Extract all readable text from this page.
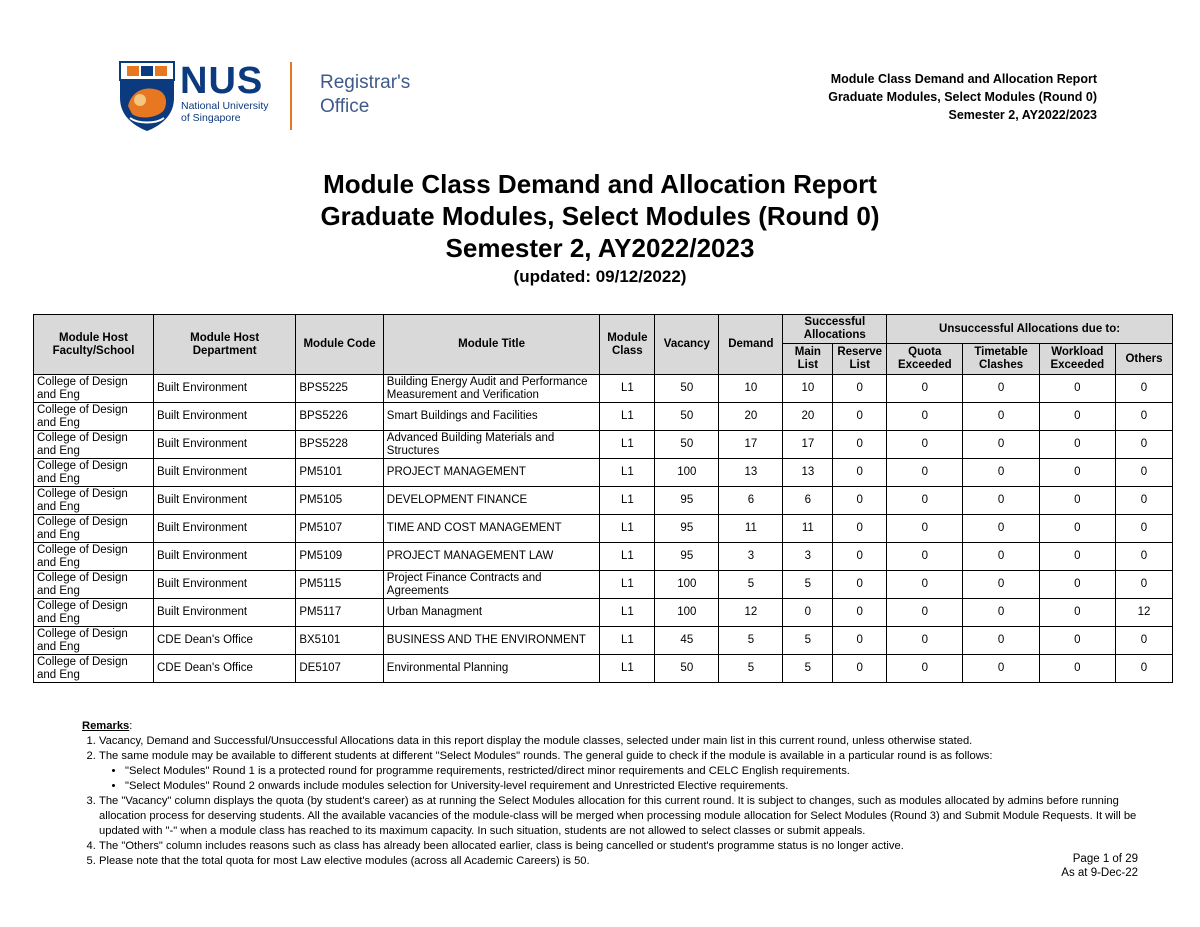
NUS
National University
of Singapore
Registrar's
Office
Module Class Demand and Allocation Report
Graduate Modules, Select Modules (Round 0)
Semester 2, AY2022/2023
Module Class Demand and Allocation Report
Graduate Modules, Select Modules (Round 0)
Semester 2, AY2022/2023
(updated: 09/12/2022)
Module Host Faculty/School	Module Host Department	Module Code	Module Title	Module Class	Vacancy	Demand	Successful Allocations		Unsuccessful Allocations due to:			
							Main List	Reserve List	Quota Exceeded	Timetable Clashes	Workload Exceeded	Others
College of Design and Eng	Built Environment	BPS5225	Building Energy Audit and Performance Measurement and Verification	L1	50	10	10	0	0	0	0	0
College of Design and Eng	Built Environment	BPS5226	Smart Buildings and Facilities	L1	50	20	20	0	0	0	0	0
College of Design and Eng	Built Environment	BPS5228	Advanced Building Materials and Structures	L1	50	17	17	0	0	0	0	0
College of Design and Eng	Built Environment	PM5101	PROJECT MANAGEMENT	L1	100	13	13	0	0	0	0	0
College of Design and Eng	Built Environment	PM5105	DEVELOPMENT FINANCE	L1	95	6	6	0	0	0	0	0
College of Design and Eng	Built Environment	PM5107	TIME AND COST MANAGEMENT	L1	95	11	11	0	0	0	0	0
College of Design and Eng	Built Environment	PM5109	PROJECT MANAGEMENT LAW	L1	95	3	3	0	0	0	0	0
College of Design and Eng	Built Environment	PM5115	Project Finance Contracts and Agreements	L1	100	5	5	0	0	0	0	0
College of Design and Eng	Built Environment	PM5117	Urban Managment	L1	100	12	0	0	0	0	0	12
College of Design and Eng	CDE Dean's Office	BX5101	BUSINESS AND THE ENVIRONMENT	L1	45	5	5	0	0	0	0	0
College of Design and Eng	CDE Dean's Office	DE5107	Environmental Planning	L1	50	5	5	0	0	0	0	0
Remarks:
1. Vacancy, Demand and Successful/Unsuccessful Allocations data in this report display the module classes, selected under main list in this current round, unless otherwise stated.
2. The same module may be available to different students at different "Select Modules" rounds. The general guide to check if the module is available in a particular round is as follows:
• "Select Modules" Round 1 is a protected round for programme requirements, restricted/direct minor requirements and CELC English requirements.
• "Select Modules" Round 2 onwards include modules selection for University-level requirement and Unrestricted Elective requirements.
3. The "Vacancy" column displays the quota (by student's career) as at running the Select Modules allocation for this current round. It is subject to changes, such as modules allocated by admins before running allocation process for deserving students. All the available vacancies of the module-class will be merged when processing module allocation for Select Modules (Round 3) and Submit Module Requests. It will be updated with "-" when a module class has reached to its maximum capacity. In such situation, students are not allowed to select classes or submit appeals.
4. The "Others" column includes reasons such as class has already been allocated earlier, class is being cancelled or student's programme status is no longer active.
5. Please note that the total quota for most Law elective modules (across all Academic Careers) is 50.	Page 1 of 29
As at 9-Dec-22
